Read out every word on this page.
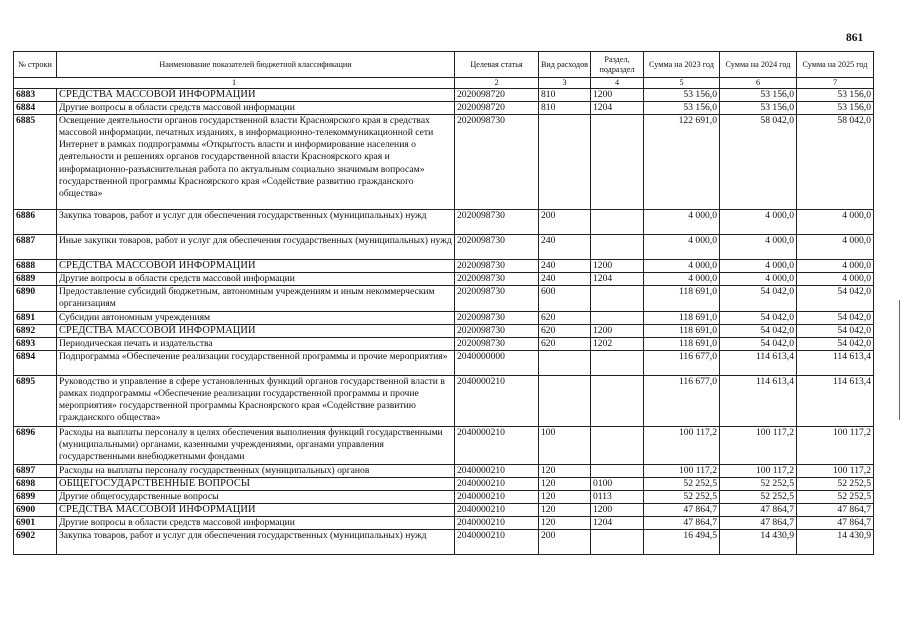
861
№ строки	Наименование показателей бюджетной классификации	Целевая статья	Вид расходов	Раздел, подраздел	Сумма на 2023 год	Сумма на 2024 год	Сумма на 2025 год
1		2	3	4	5	6	7
6883	СРЕДСТВА МАССОВОЙ ИНФОРМАЦИИ	2020098720	810	1200	53 156,0	53 156,0	53 156,0
6884	Другие вопросы в области средств массовой информации	2020098720	810	1204	53 156,0	53 156,0	53 156,0
6885	Освещение деятельности органов государственной власти Красноярского края в средствах массовой информации, печатных изданиях, в информационно-телекоммуникационной сети Интернет в рамках подпрограммы «Открытость власти и информирование населения о деятельности и решениях органов государственной власти Красноярского края и информационно-разъяснительная работа по актуальным социально значимым вопросам» государственной программы Красноярского края «Содействие развитию гражданского общества»	2020098730			122 691,0	58 042,0	58 042,0
6886	Закупка товаров, работ и услуг для обеспечения государственных (муниципальных) нужд	2020098730	200		4 000,0	4 000,0	4 000,0
6887	Иные закупки товаров, работ и услуг для обеспечения государственных (муниципальных) нужд	2020098730	240		4 000,0	4 000,0	4 000,0
6888	СРЕДСТВА МАССОВОЙ ИНФОРМАЦИИ	2020098730	240	1200	4 000,0	4 000,0	4 000,0
6889	Другие вопросы в области средств массовой информации	2020098730	240	1204	4 000,0	4 000,0	4 000,0
6890	Предоставление субсидий бюджетным, автономным учреждениям и иным некоммерческим организациям	2020098730	600		118 691,0	54 042,0	54 042,0
6891	Субсидии автономным учреждениям	2020098730	620		118 691,0	54 042,0	54 042,0
6892	СРЕДСТВА МАССОВОЙ ИНФОРМАЦИИ	2020098730	620	1200	118 691,0	54 042,0	54 042,0
6893	Периодическая печать и издательства	2020098730	620	1202	118 691,0	54 042,0	54 042,0
6894	Подпрограмма «Обеспечение реализации государственной программы и прочие мероприятия»	2040000000			116 677,0	114 613,4	114 613,4
6895	Руководство и управление в сфере установленных функций органов государственной власти в рамках подпрограммы «Обеспечение реализации государственной программы и прочие мероприятия» государственной программы Красноярского края «Содействие развитию гражданского общества»	2040000210			116 677,0	114 613,4	114 613,4
6896	Расходы на выплаты персоналу в целях обеспечения выполнения функций государственными (муниципальными) органами, казенными учреждениями, органами управления государственными внебюджетными фондами	2040000210	100		100 117,2	100 117,2	100 117,2
6897	Расходы на выплаты персоналу государственных (муниципальных) органов	2040000210	120		100 117,2	100 117,2	100 117,2
6898	ОБЩЕГОСУДАРСТВЕННЫЕ ВОПРОСЫ	2040000210	120	0100	52 252,5	52 252,5	52 252,5
6899	Другие общегосударственные вопросы	2040000210	120	0113	52 252,5	52 252,5	52 252,5
6900	СРЕДСТВА МАССОВОЙ ИНФОРМАЦИИ	2040000210	120	1200	47 864,7	47 864,7	47 864,7
6901	Другие вопросы в области средств массовой информации	2040000210	120	1204	47 864,7	47 864,7	47 864,7
6902	Закупка товаров, работ и услуг для обеспечения государственных (муниципальных) нужд	2040000210	200		16 494,5	14 430,9	14 430,9
